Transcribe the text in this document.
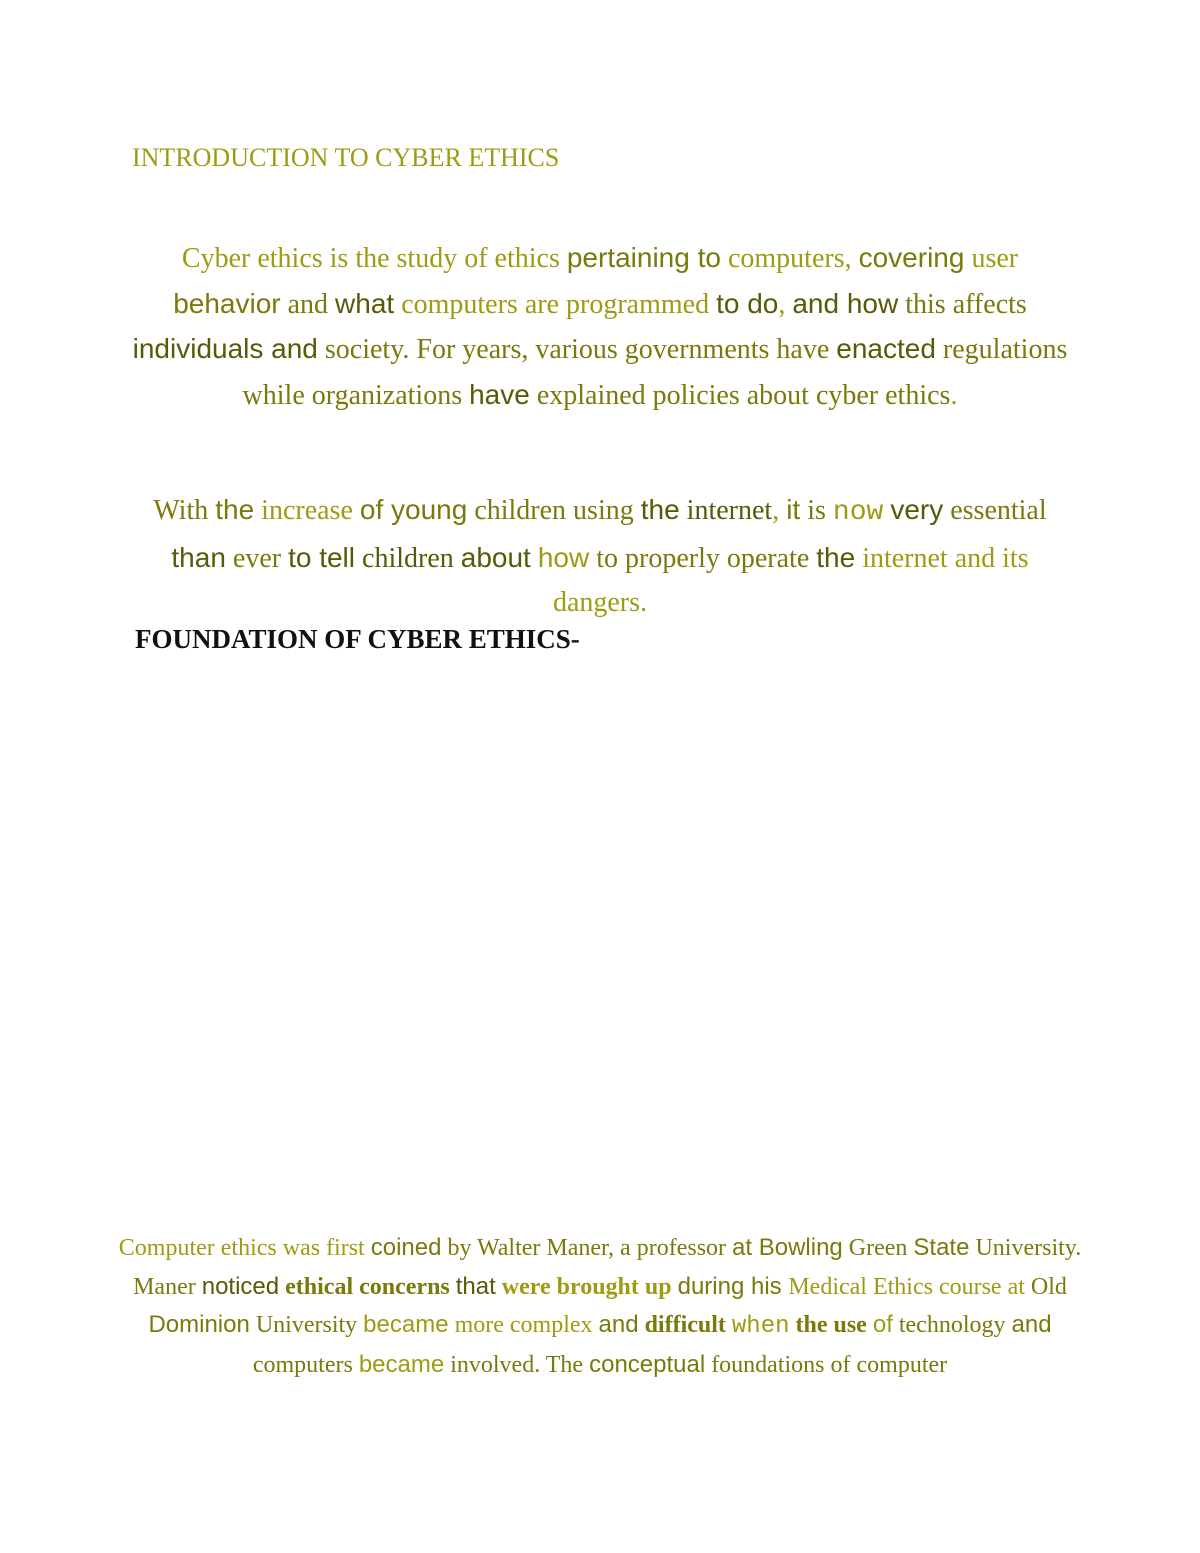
INTRODUCTION TO CYBER ETHICS

Cyber ethics is the study of ethics pertaining to computers, covering user behavior and what computers are programmed to do, and how this affects individuals and society. For years, various governments have enacted regulations while organizations have explained policies about cyber ethics.

With the increase of young children using the internet, it is now very essential than ever to tell children about how to properly operate the internet and its dangers.

FOUNDATION OF CYBER ETHICS-

Computer ethics was first coined by Walter Maner, a professor at Bowling Green State University. Maner noticed ethical concerns that were brought up during his Medical Ethics course at Old Dominion University became more complex and difficult when the use of technology and computers became involved. The conceptual foundations of computer
